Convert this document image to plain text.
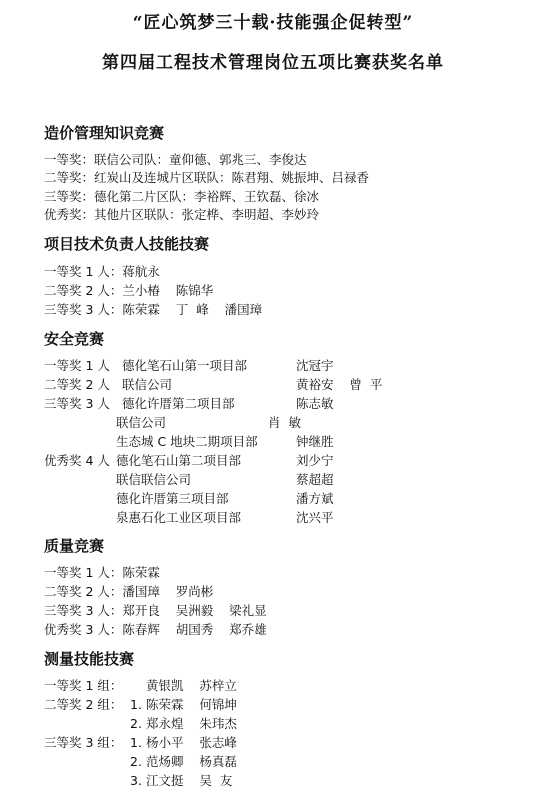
“匠心筑梦三十载·技能强企促转型”
第四届工程技术管理岗位五项比赛获奖名单
造价管理知识竞赛
一等奖：联信公司队：童仰德、郭兆三、李俊达
二等奖：红炭山及连城片区联队：陈君翔、姚振坤、吕禄香
三等奖：德化第二片区队：李裕辉、王钦磊、徐冰
优秀奖：其他片区联队：张定桦、李明超、李妙玲
项目技术负责人技能技赛
一等奖 1 人：蒋航永
二等奖 2 人：兰小椿    陈锦华
三等奖 3 人：陈荣霖    丁  峰    潘国璋
安全竞赛
一等奖 1 人 德化笔石山第一项目部	沈冠宇
二等奖 2 人 联信公司	黄裕安    曾  平
三等奖 3 人 德化许厝第二项目部	陈志敏
联信公司	肖  敏
生态城 C 地块二期项目部	钟继胜
优秀奖 4 人 德化笔石山第二项目部	刘少宁
联信联信公司	蔡超超
德化许厝第三项目部	潘方斌
泉惠石化工业区项目部	沈兴平
质量竞赛
一等奖 1 人：陈荣霖
二等奖 2 人：潘国璋    罗尚彬
三等奖 3 人：郑开良    吴洲毅    梁礼显
优秀奖 3 人：陈春辉    胡国秀    郑乔雄
测量技能技赛
一等奖 1 组： 黄银凯    苏梓立
二等奖 2 组： 1. 陈荣霖    何锦坤
2. 郑永煌    朱玮杰
三等奖 3 组： 1. 杨小平    张志峰
2. 范炀卿    杨真磊
3. 江文挺    吴  友
